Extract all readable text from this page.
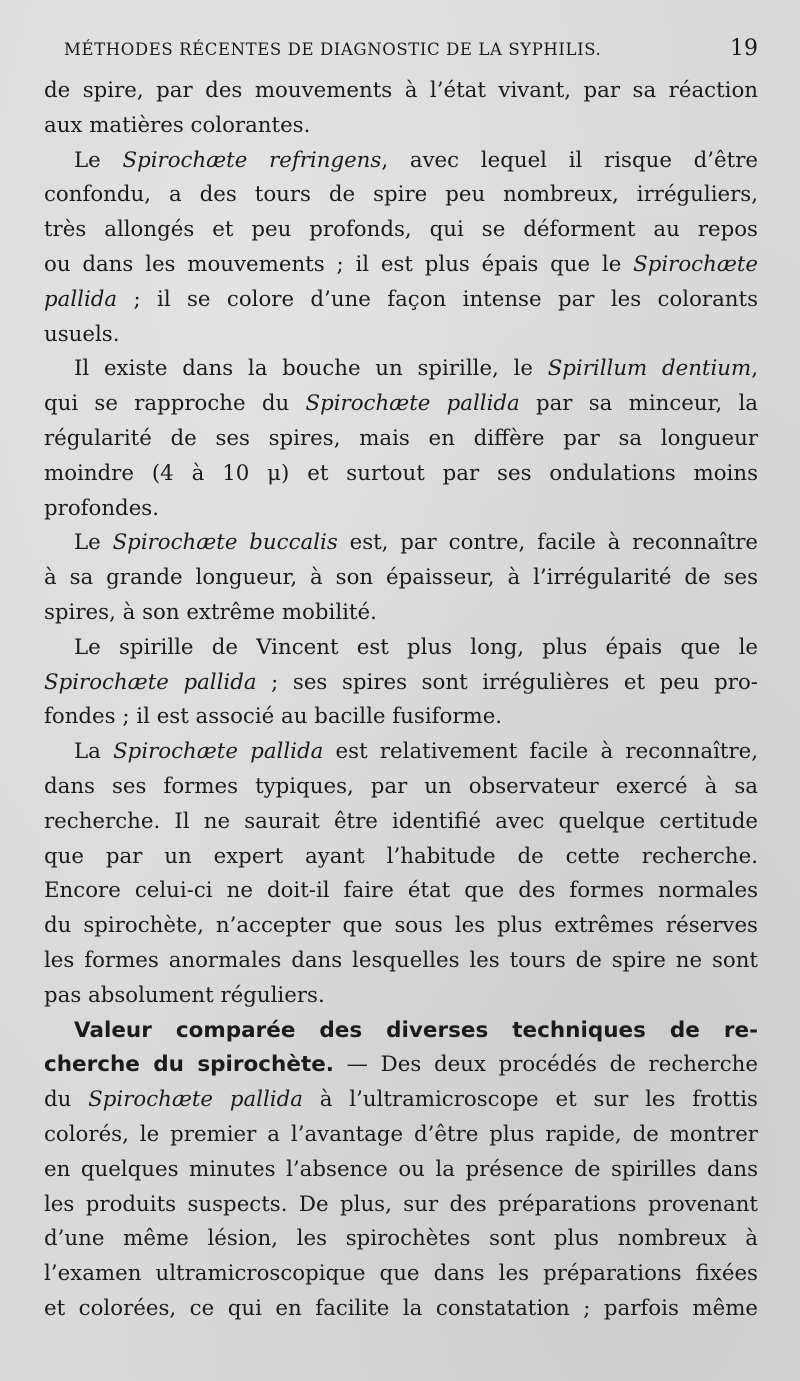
MÉTHODES RÉCENTES DE DIAGNOSTIC DE LA SYPHILIS.	19
de spire, par des mouvements à l’état vivant, par sa réaction
aux matières colorantes.
Le Spirochæte refringens, avec lequel il risque d’être
confondu, a des tours de spire peu nombreux, irréguliers,
très allongés et peu profonds, qui se déforment au repos
ou dans les mouvements ; il est plus épais que le Spirochæte
pallida ; il se colore d’une façon intense par les colorants
usuels.
Il existe dans la bouche un spirille, le Spirillum dentium,
qui se rapproche du Spirochæte pallida par sa minceur, la
régularité de ses spires, mais en diffère par sa longueur
moindre (4 à 10 μ) et surtout par ses ondulations moins
profondes.
Le Spirochæte buccalis est, par contre, facile à reconnaître
à sa grande longueur, à son épaisseur, à l’irrégularité de ses
spires, à son extrême mobilité.
Le spirille de Vincent est plus long, plus épais que le
Spirochæte pallida ; ses spires sont irrégulières et peu pro-
fondes ; il est associé au bacille fusiforme.
La Spirochæte pallida est relativement facile à reconnaître,
dans ses formes typiques, par un observateur exercé à sa
recherche. Il ne saurait être identifié avec quelque certitude
que par un expert ayant l’habitude de cette recherche.
Encore celui-ci ne doit-il faire état que des formes normales
du spirochète, n’accepter que sous les plus extrêmes réserves
les formes anormales dans lesquelles les tours de spire ne sont
pas absolument réguliers.
Valeur comparée des diverses techniques de re-
cherche du spirochète. — Des deux procédés de recherche
du Spirochæte pallida à l’ultramicroscope et sur les frottis
colorés, le premier a l’avantage d’être plus rapide, de montrer
en quelques minutes l’absence ou la présence de spirilles dans
les produits suspects. De plus, sur des préparations provenant
d’une même lésion, les spirochètes sont plus nombreux à
l’examen ultramicroscopique que dans les préparations fixées
et colorées, ce qui en facilite la constatation ; parfois même
